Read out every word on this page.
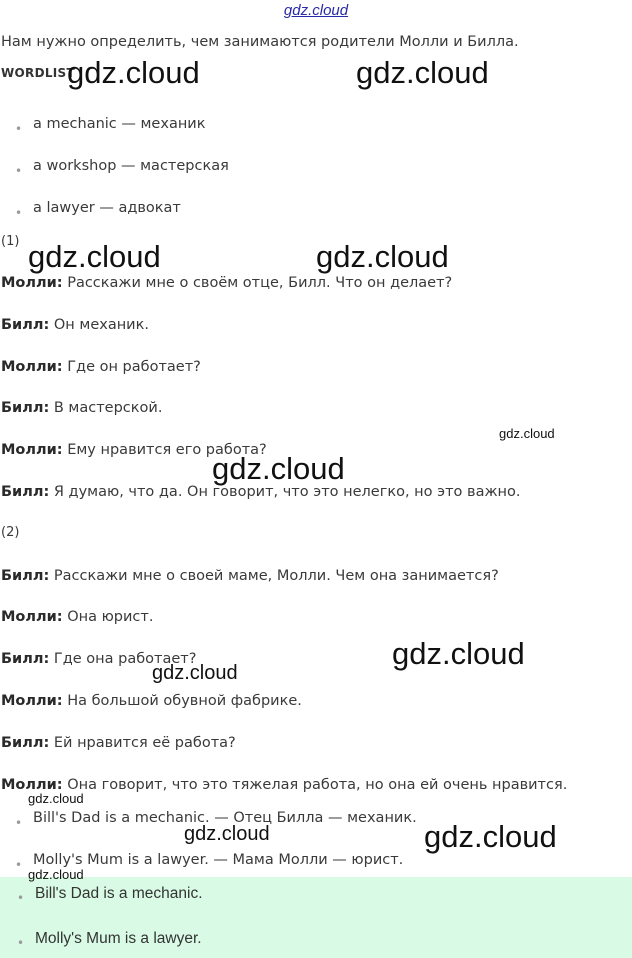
gdz.cloud
Нам нужно определить, чем занимаются родители Молли и Билла.
WORDLIST
• a mechanic — механик
• a workshop — мастерская
• a lawyer — адвокат
(1)
Молли: Расскажи мне о своём отце, Билл. Что он делает?
Билл: Он механик.
Молли: Где он работает?
Билл: В мастерской.
Молли: Ему нравится его работа?
Билл: Я думаю, что да. Он говорит, что это нелегко, но это важно.
(2)
Билл: Расскажи мне о своей маме, Молли. Чем она занимается?
Молли: Она юрист.
Билл: Где она работает?
Молли: На большой обувной фабрике.
Билл: Ей нравится её работа?
Молли: Она говорит, что это тяжелая работа, но она ей очень нравится.
• Bill's Dad is a mechanic. — Отец Билла — механик.
• Molly's Mum is a lawyer. — Мама Молли — юрист.
• Bill's Dad is a mechanic.
• Molly's Mum is a lawyer.
gdz.cloud	gdz.cloud
gdz.cloud	gdz.cloud
gdz.cloud
gdz.cloud
gdz.cloud
gdz.cloud
gdz.cloud
gdz.cloud	gdz.cloud
gdz.cloud
